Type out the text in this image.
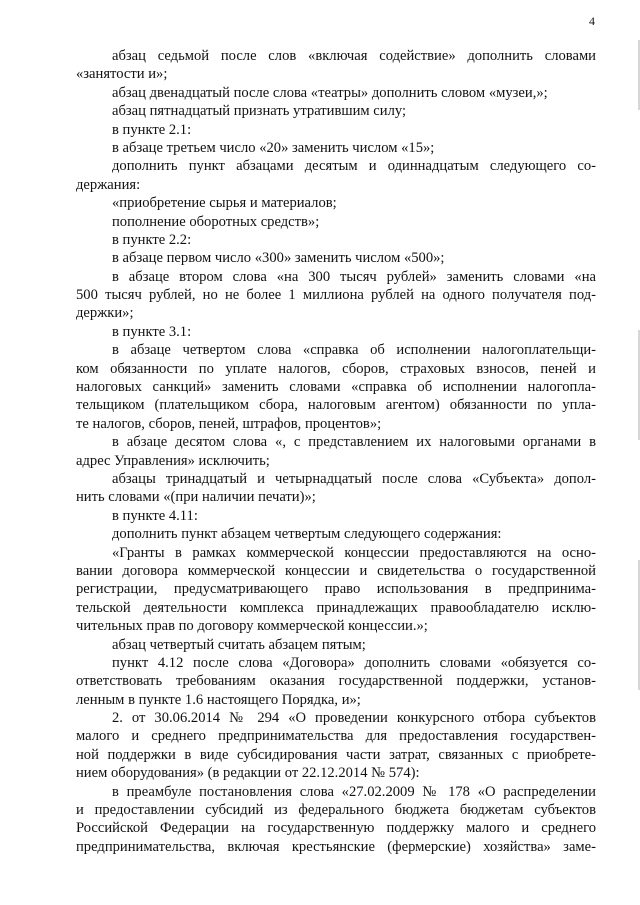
4
абзац седьмой после слов «включая содействие» дополнить словами
«занятости и»;
абзац двенадцатый после слова «театры» дополнить словом «музеи,»;
абзац пятнадцатый признать утратившим силу;
в пункте 2.1:
в абзаце третьем число «20» заменить числом «15»;
дополнить пункт абзацами десятым и одиннадцатым следующего со-
держания:
«приобретение сырья и материалов;
пополнение оборотных средств»;
в пункте 2.2:
в абзаце первом число «300» заменить числом «500»;
в абзаце втором слова «на 300 тысяч рублей» заменить словами «на
500 тысяч рублей, но не более 1 миллиона рублей на одного получателя под-
держки»;
в пункте 3.1:
в абзаце четвертом слова «справка об исполнении налогоплательщи-
ком обязанности по уплате налогов, сборов, страховых взносов, пеней и
налоговых санкций» заменить словами «справка об исполнении налогопла-
тельщиком (плательщиком сбора, налоговым агентом) обязанности по упла-
те налогов, сборов, пеней, штрафов, процентов»;
в абзаце десятом слова «, с представлением их налоговыми органами в
адрес Управления» исключить;
абзацы тринадцатый и четырнадцатый после слова «Субъекта» допол-
нить словами «(при наличии печати)»;
в пункте 4.11:
дополнить пункт абзацем четвертым следующего содержания:
«Гранты в рамках коммерческой концессии предоставляются на осно-
вании договора коммерческой концессии и свидетельства о государственной
регистрации, предусматривающего право использования в предпринима-
тельской деятельности комплекса принадлежащих правообладателю исклю-
чительных прав по договору коммерческой концессии.»;
абзац четвертый считать абзацем пятым;
пункт 4.12 после слова «Договора» дополнить словами «обязуется со-
ответствовать требованиям оказания государственной поддержки, установ-
ленным в пункте 1.6 настоящего Порядка, и»;
2. от 30.06.2014 № 294 «О проведении конкурсного отбора субъектов
малого и среднего предпринимательства для предоставления государствен-
ной поддержки в виде субсидирования части затрат, связанных с приобрете-
нием оборудования» (в редакции от 22.12.2014 № 574):
в преамбуле постановления слова «27.02.2009 № 178 «О распределении
и предоставлении субсидий из федерального бюджета бюджетам субъектов
Российской Федерации на государственную поддержку малого и среднего
предпринимательства, включая крестьянские (фермерские) хозяйства» заме-
